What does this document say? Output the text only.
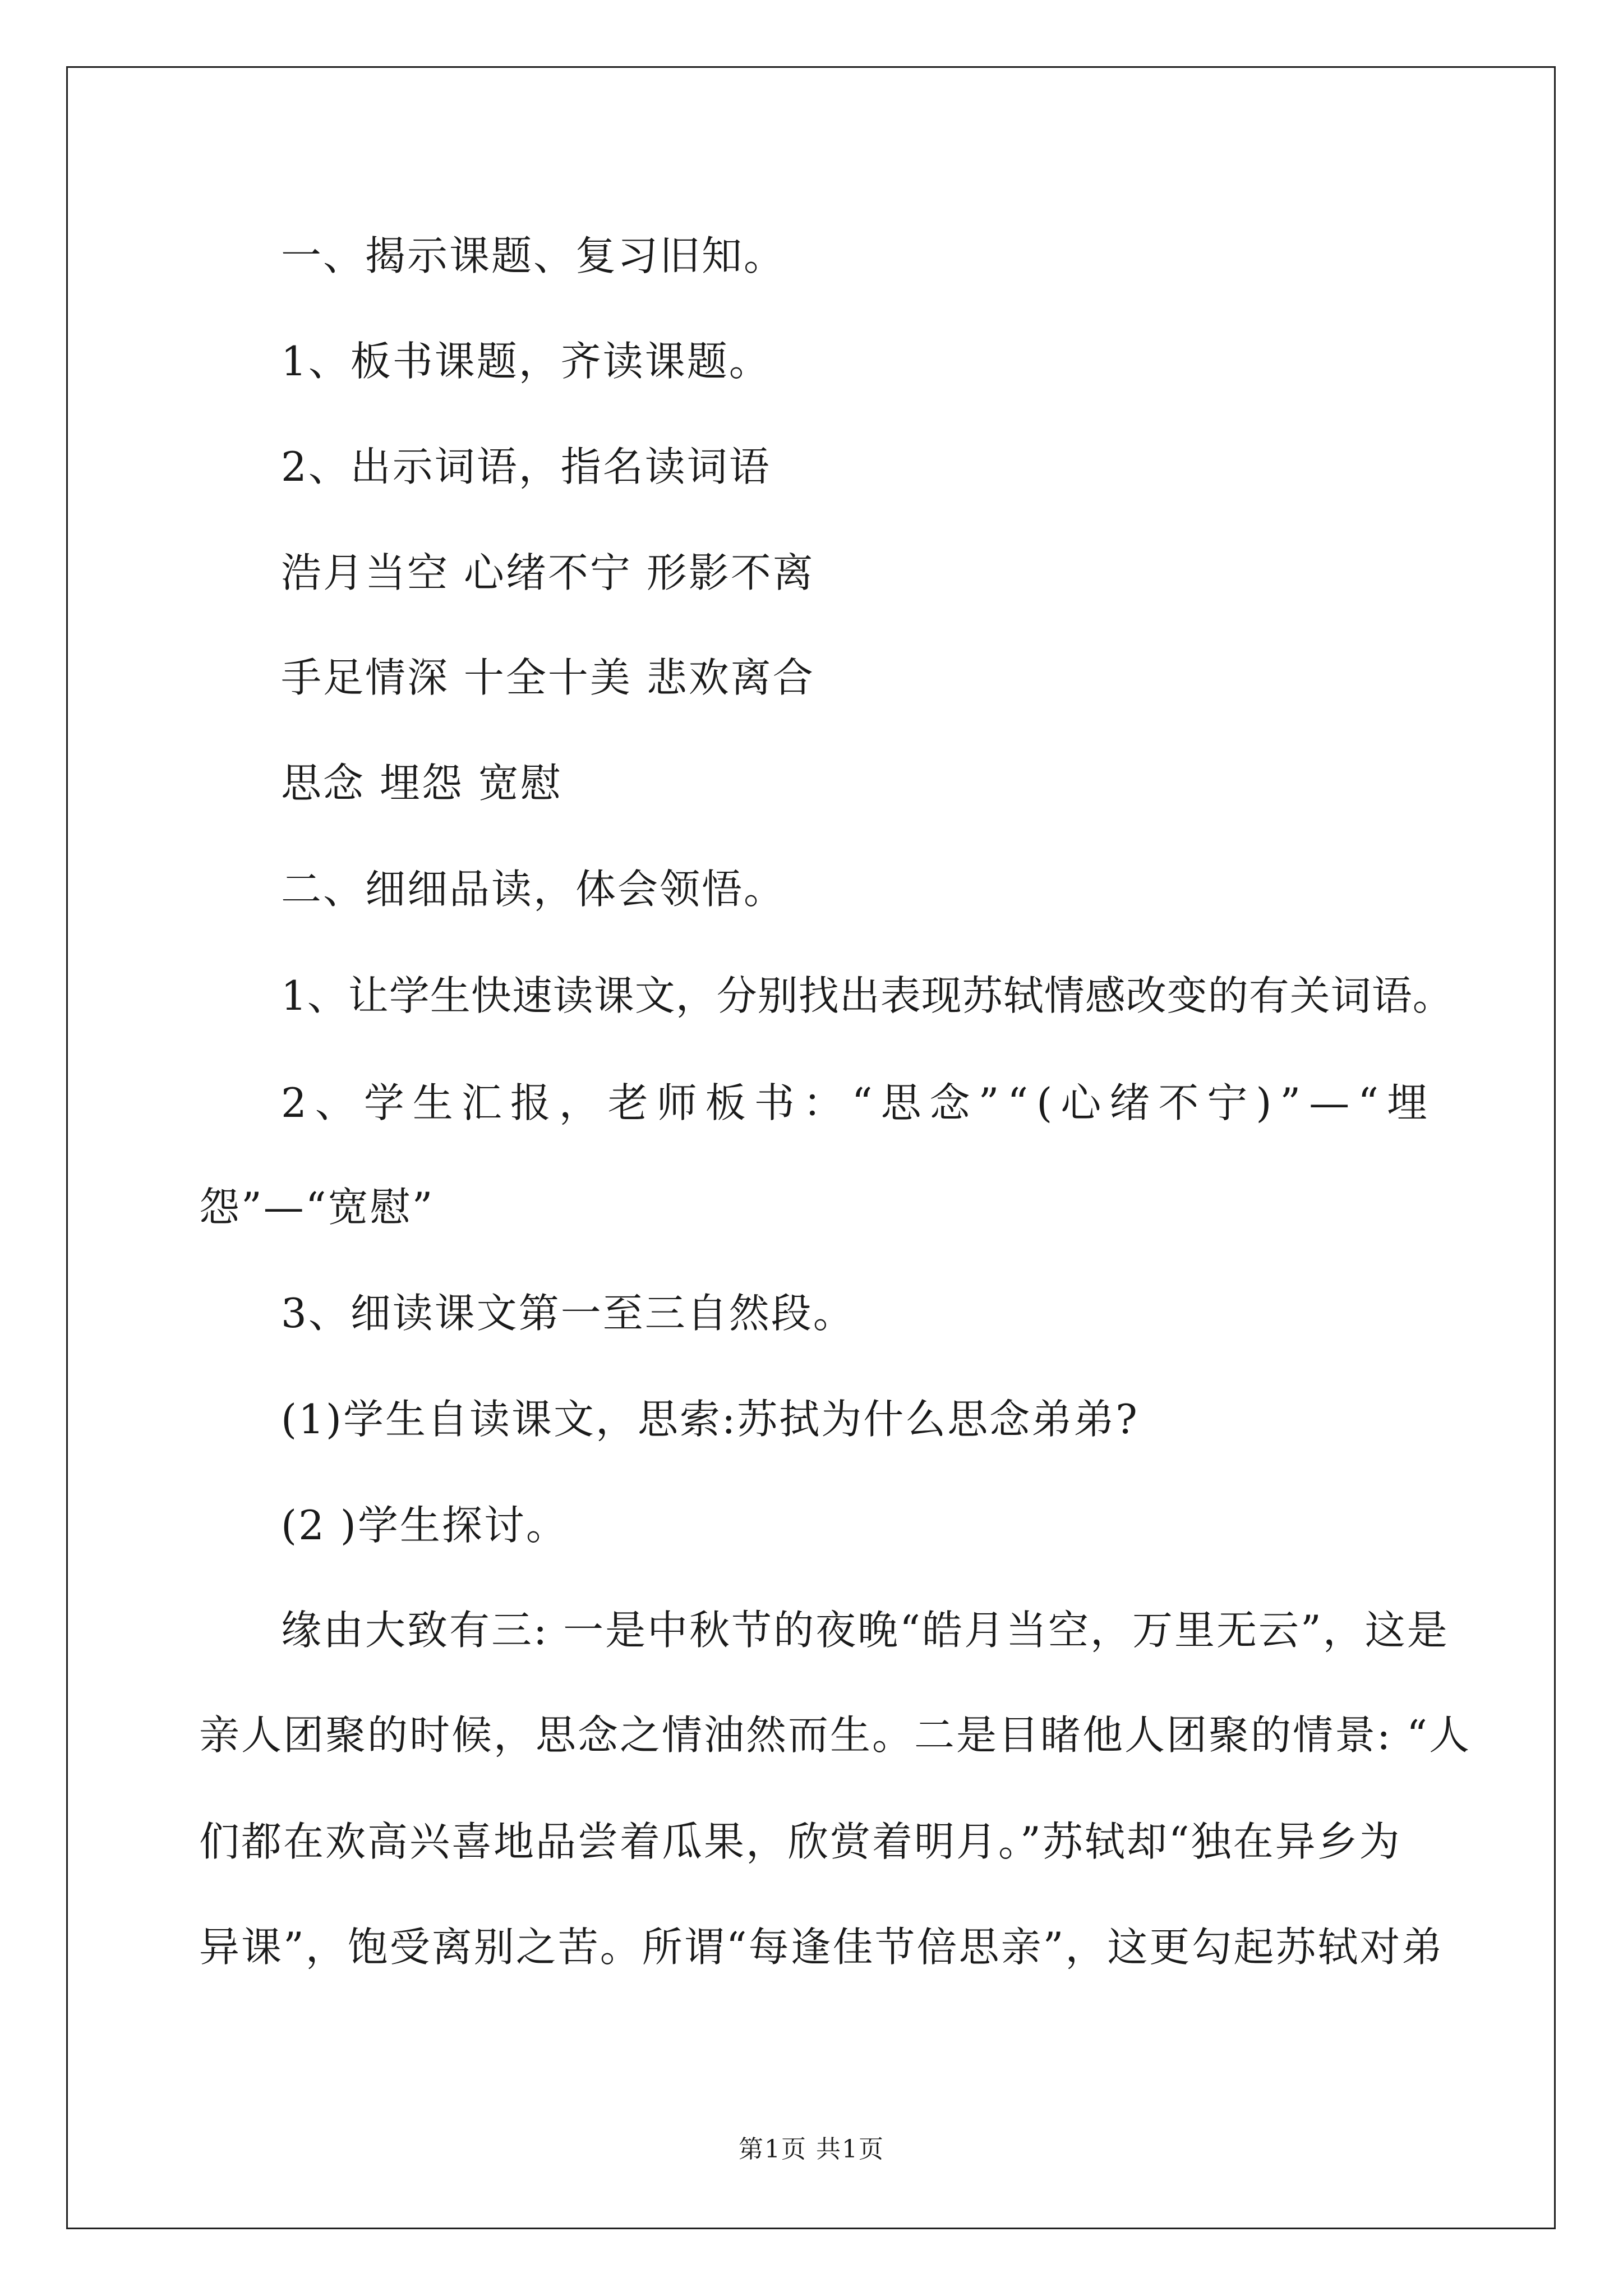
一、揭示课题、复习旧知。
1、板书课题，齐读课题。
2、出示词语，指名读词语
浩月当空 心绪不宁 形影不离
手足情深 十全十美 悲欢离合
思念 埋怨 宽慰
二、细细品读，体会领悟。
1、让学生快速读课文，分别找出表现苏轼情感改变的有关词语。
2、学生汇报，老师板书：“思念”“(心绪不宁)”—“埋
怨”—“宽慰”
3、细读课文第一至三自然段。
(1)学生自读课文，思索:苏拭为什么思念弟弟?
(2 )学生探讨。
缘由大致有三: 一是中秋节的夜晚“皓月当空，万里无云”，这是
亲人团聚的时候，思念之情油然而生。二是目睹他人团聚的情景: “人
们都在欢高兴喜地品尝着瓜果，欣赏着明月。”苏轼却“独在异乡为
异课”，饱受离别之苦。所谓“每逢佳节倍思亲”，这更勾起苏轼对弟
第1页 共1页
